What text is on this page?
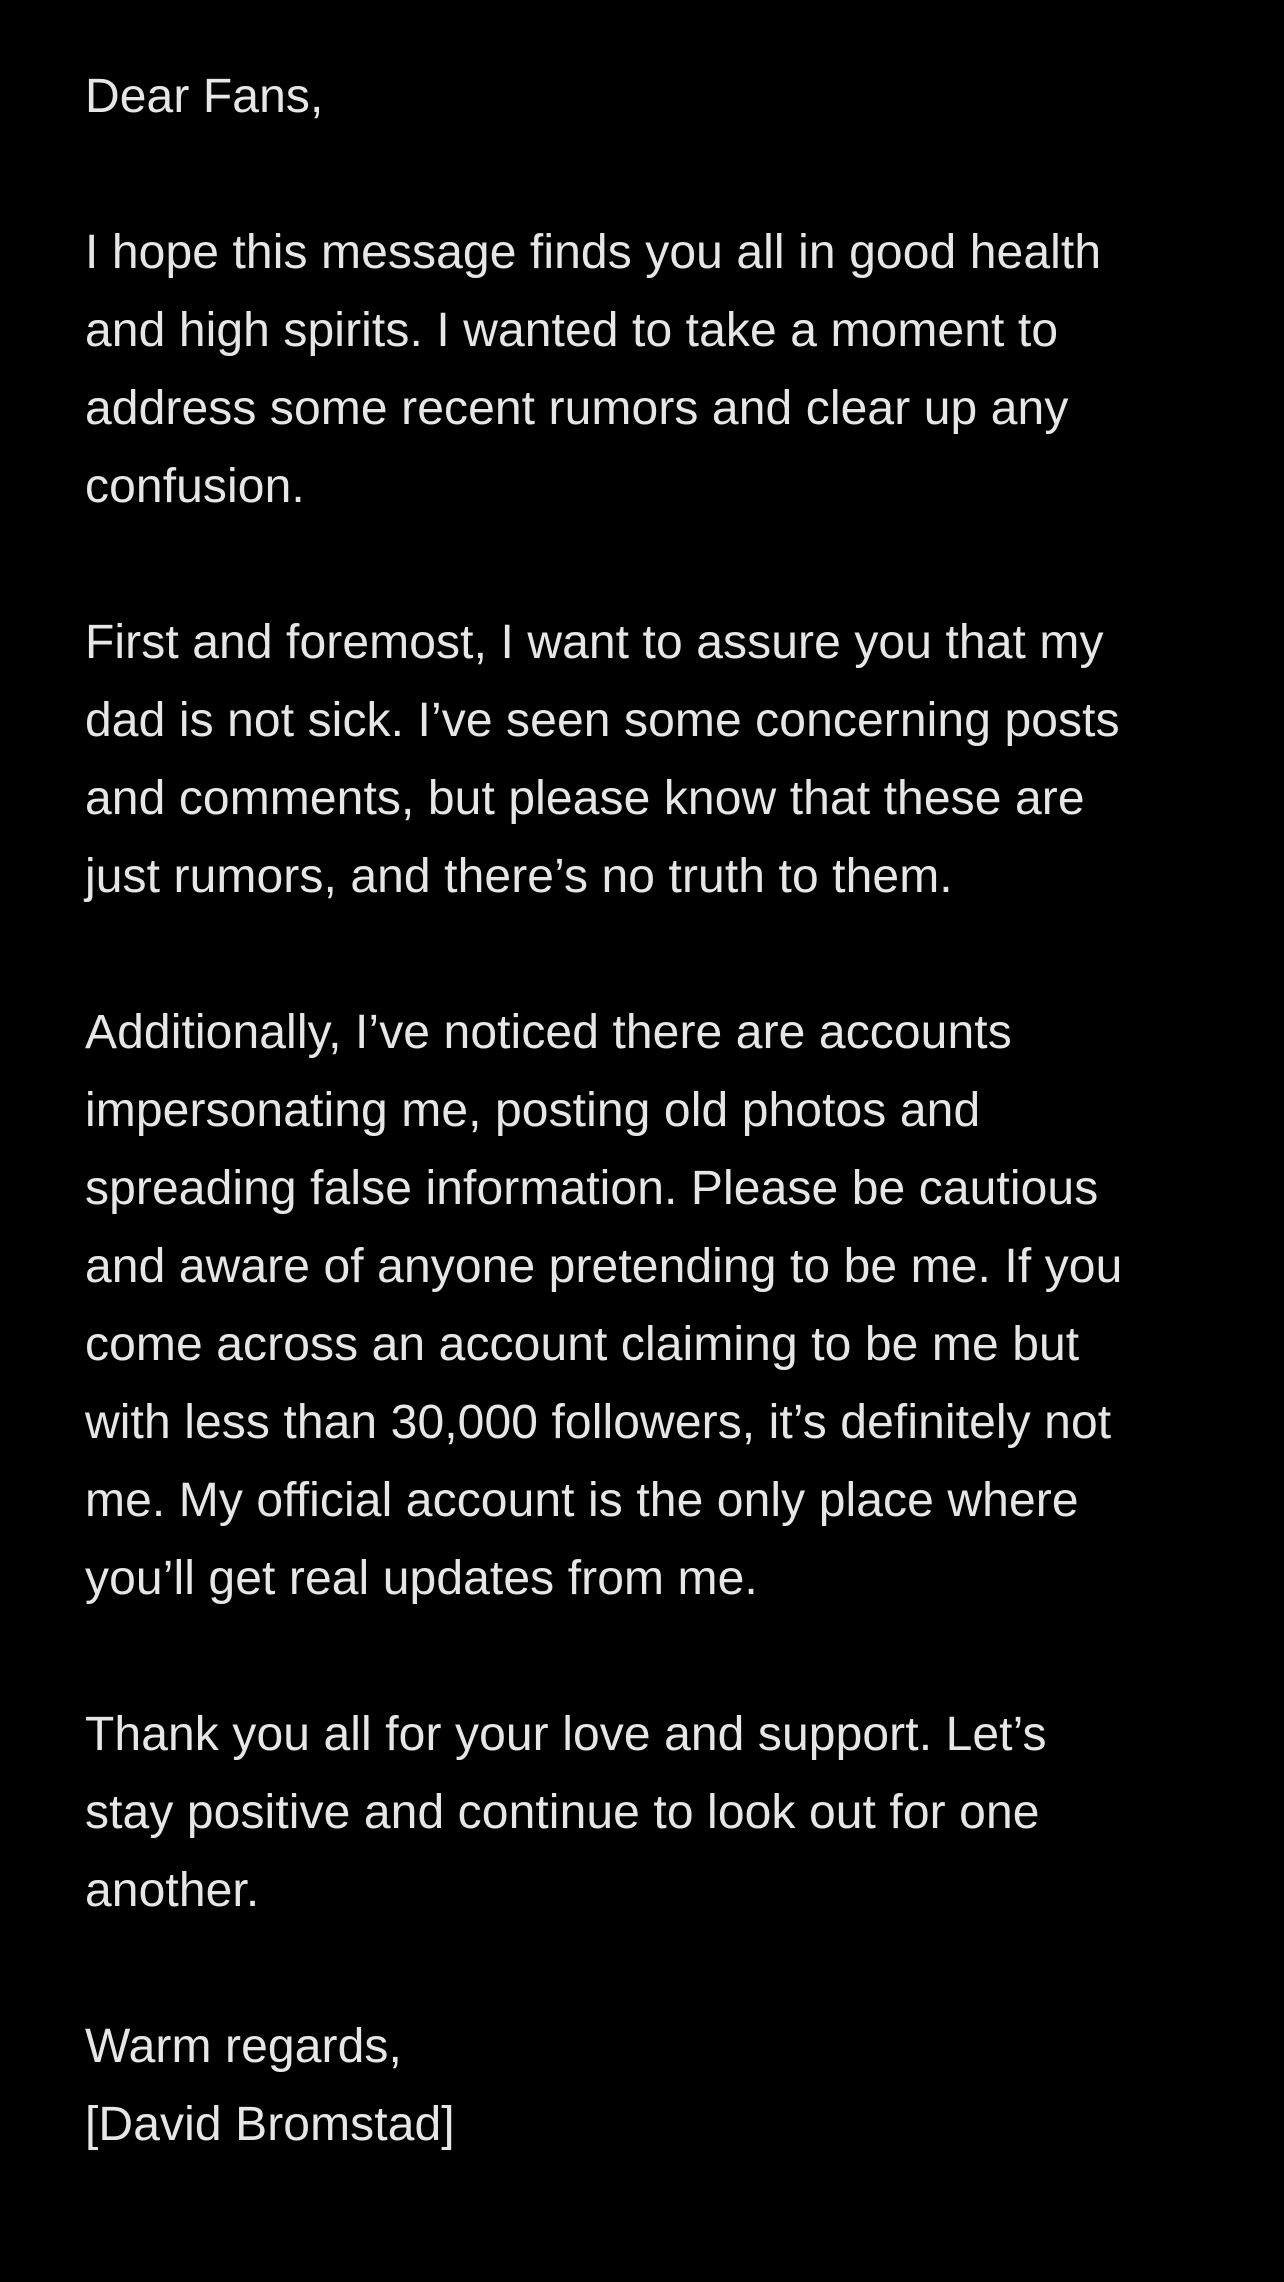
Dear Fans,

I hope this message finds you all in good health
and high spirits. I wanted to take a moment to
address some recent rumors and clear up any
confusion.

First and foremost, I want to assure you that my
dad is not sick. I’ve seen some concerning posts
and comments, but please know that these are
just rumors, and there’s no truth to them.

Additionally, I’ve noticed there are accounts
impersonating me, posting old photos and
spreading false information. Please be cautious
and aware of anyone pretending to be me. If you
come across an account claiming to be me but
with less than 30,000 followers, it’s definitely not
me. My official account is the only place where
you’ll get real updates from me.

Thank you all for your love and support. Let’s
stay positive and continue to look out for one
another.

Warm regards,
[David Bromstad]
